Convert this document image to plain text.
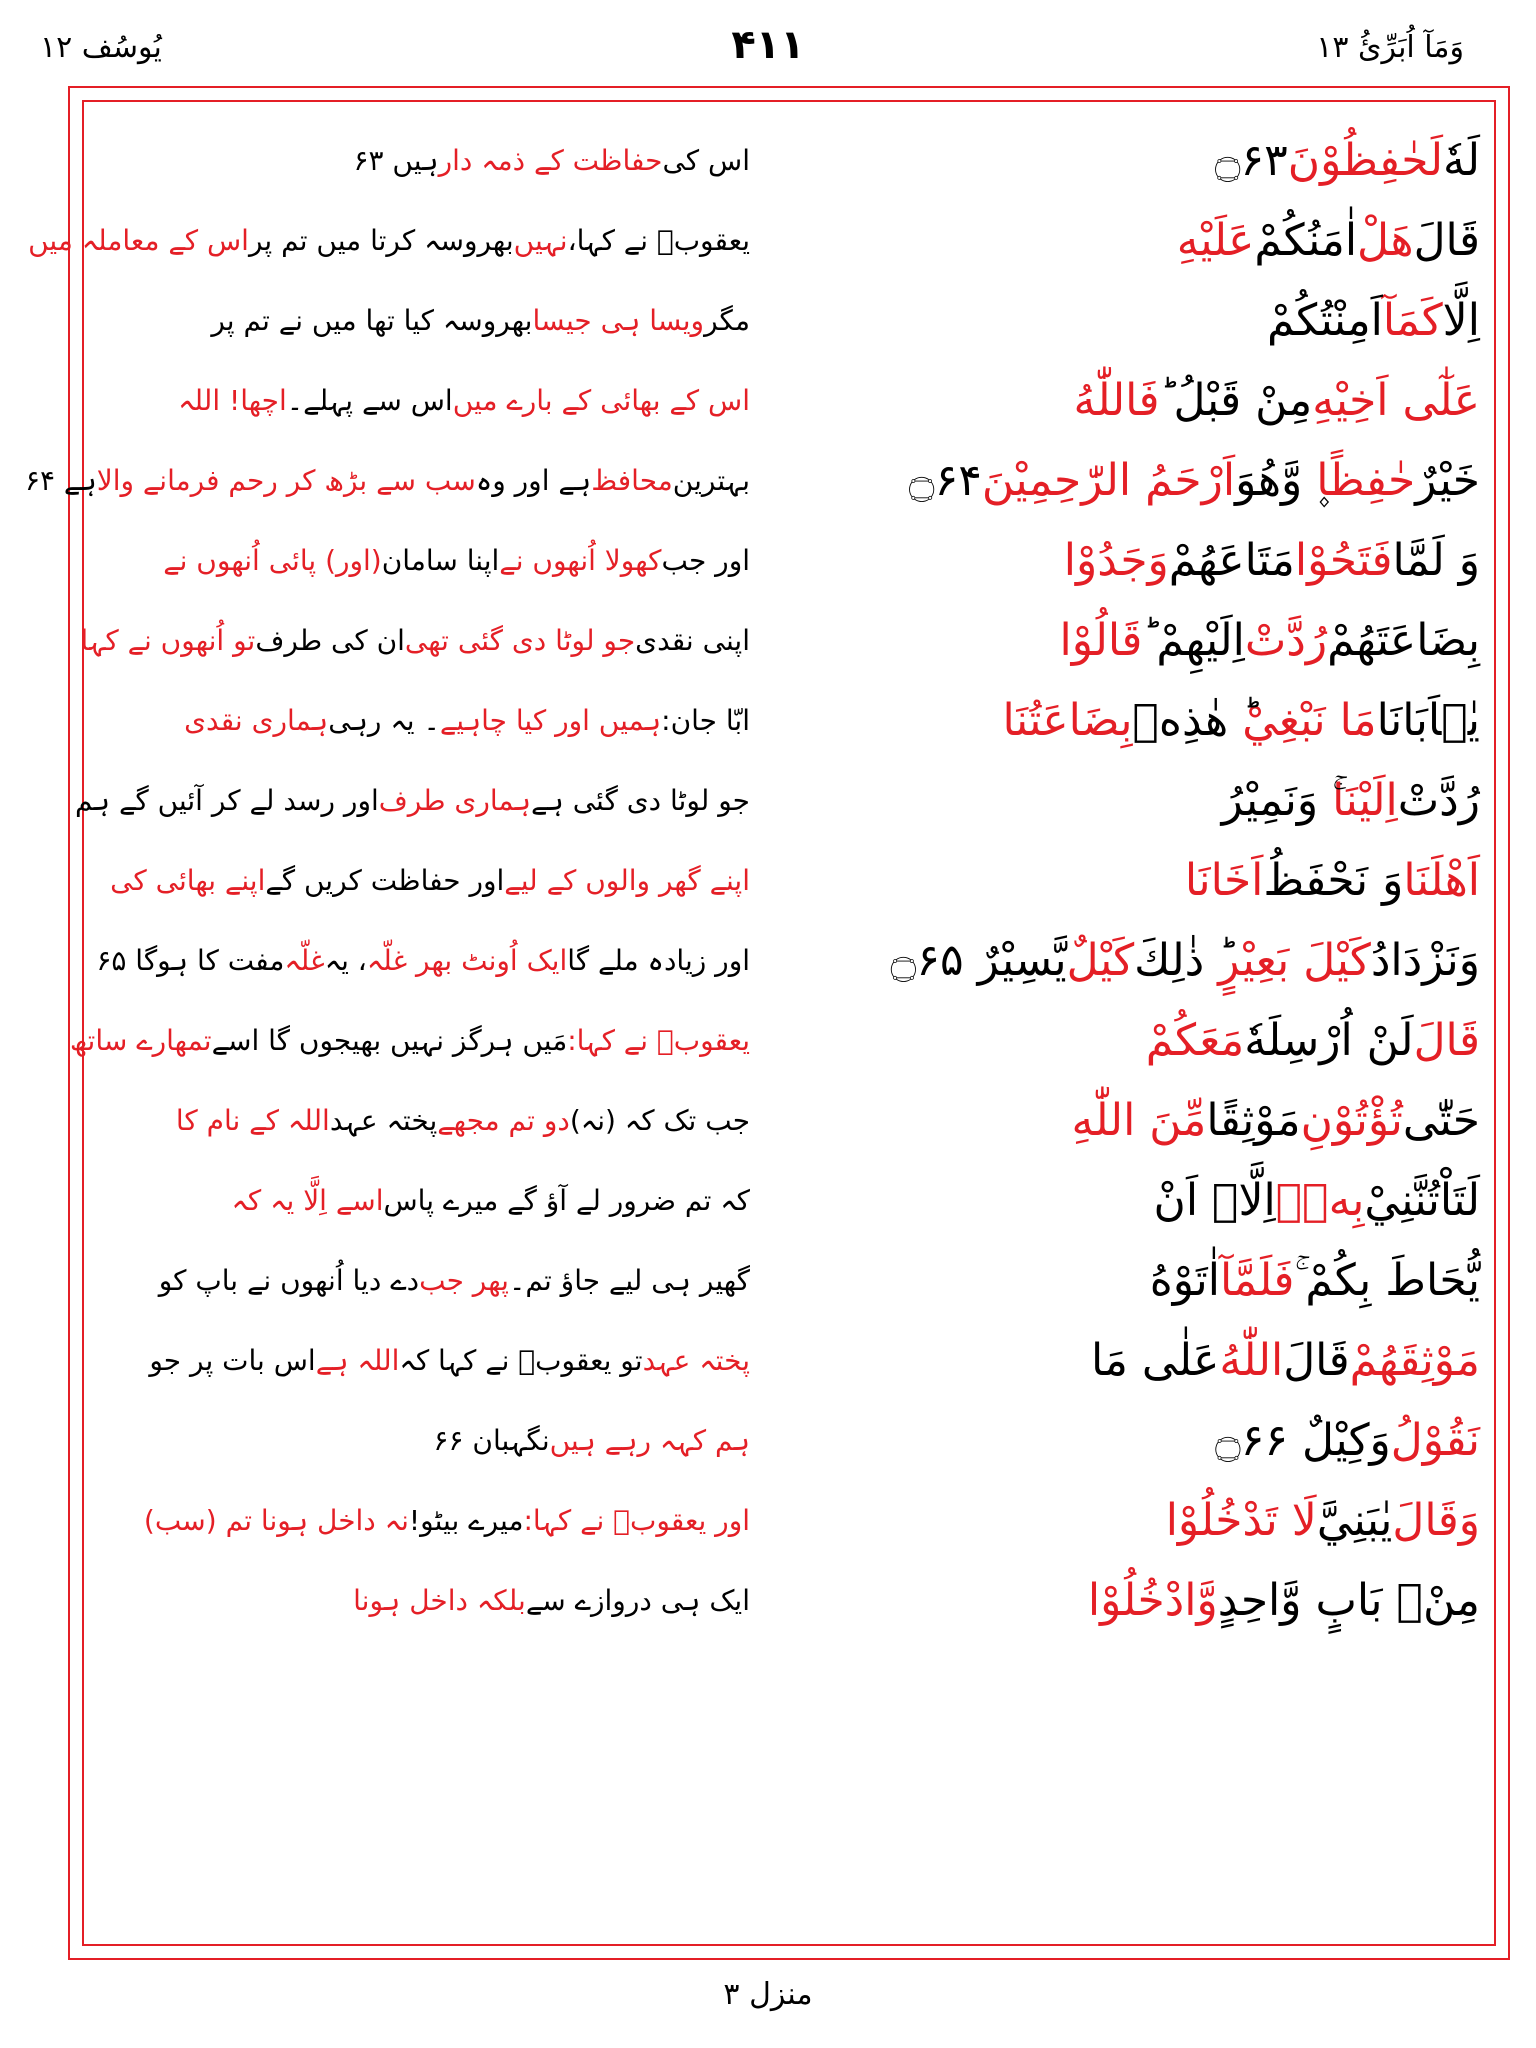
وَمَآ اُبَرِّئُ ۱۳
۴۱۱
یُوسُف ۱۲
لَهٗ
لَحٰفِظُوْنَ
۝۶۳
قَالَ
هَلْ
اٰمَنُكُمْ
عَلَيْهِ
اِلَّا
كَمَآ
اَمِنْتُكُمْ
عَلٰٓى اَخِيْهِ
مِنْ قَبْلُ ؕ
فَاللّٰهُ
خَيْرٌ
حٰفِظًا
۪ وَّهُوَ
اَرْحَمُ الرّٰحِمِيْنَ
۝۶۴
وَ لَمَّا
فَتَحُوْا
مَتَاعَهُمْ
وَجَدُوْا
بِضَاعَتَهُمْ
رُدَّتْ
اِلَيْهِمْ ؕ
قَالُوْا
يٰۤاَبَانَا
مَا نَبْغِيْ
ؕ هٰذِهٖ
بِضَاعَتُنَا
رُدَّتْ
اِلَيْنَا
ۚ وَنَمِيْرُ
اَهْلَنَا
وَ نَحْفَظُ
اَخَانَا
وَنَزْدَادُ
كَيْلَ بَعِيْرٍ
ؕ ذٰلِكَ
كَيْلٌ
يَّسِيْرٌ ۝۶۵
قَالَ
لَنْ اُرْسِلَهٗ
مَعَكُمْ
حَتّٰى
تُؤْتُوْنِ
مَوْثِقًا
مِّنَ اللّٰهِ
لَتَاْتُنَّنِيْ
بِهٖۤ
اِلَّاۤ اَنْ
يُّحَاطَ بِكُمْ ۚ
فَلَمَّآ
اٰتَوْهُ
مَوْثِقَهُمْ
قَالَ
اللّٰهُ
عَلٰى مَا
نَقُوْلُ
وَكِيْلٌ ۝۶۶
وَقَالَ
يٰبَنِيَّ
لَا تَدْخُلُوْا
مِنْۢ بَابٍ وَّاحِدٍ
وَّادْخُلُوْا
اس کی
حفاظت کے ذمہ دار
ہیں ۶۳
یعقوبؑ نے کہا،
نہیں
بھروسہ کرتا میں تم پر
اس کے معاملہ میں
مگر
ویسا ہی جیسا
بھروسہ کیا تھا میں نے تم پر
اس کے بھائی کے بارے میں
اس سے پہلے۔
اچھا! اللہ
بہترین
محافظ
ہے اور وہ
سب سے بڑھ کر رحم فرمانے والا
ہے ۶۴
اور جب
کھولا اُنھوں نے
اپنا سامان
(اور) پائی اُنھوں نے
اپنی نقدی
جو لوٹا دی گئی تھی
ان کی طرف
تو اُنھوں نے کہا
ابّا جان:
ہمیں اور کیا چاہیے
۔ یہ رہی
ہماری نقدی
جو لوٹا دی گئی ہے
ہماری طرف
اور رسد لے کر آئیں گے ہم
اپنے گھر والوں کے لیے
اور حفاظت کریں گے
اپنے بھائی کی
اور زیادہ ملے گا
ایک اُونٹ بھر غلّہ
، یہ
غلّہ
مفت کا ہوگا ۶۵
یعقوبؑ نے کہا:
مَیں ہرگز نہیں بھیجوں گا اسے
تمھارے ساتھ
جب تک کہ (نہ)
دو تم مجھے
پختہ عہد
اللہ کے نام کا
کہ تم ضرور لے آؤ گے میرے پاس
اسے اِلَّا یہ کہ
گھیر ہی لیے جاؤ تم۔
پھر جب
دے دیا اُنھوں نے باپ کو
پختہ عہد
تو یعقوبؑ نے کہا کہ
اللہ ہے
اس بات پر جو
ہم کہہ رہے ہیں
نگہبان ۶۶
اور یعقوبؑ نے کہا:
میرے بیٹو!
نہ داخل ہونا تم (سب)
ایک ہی دروازے سے
بلکہ داخل ہونا
منزل ۳
